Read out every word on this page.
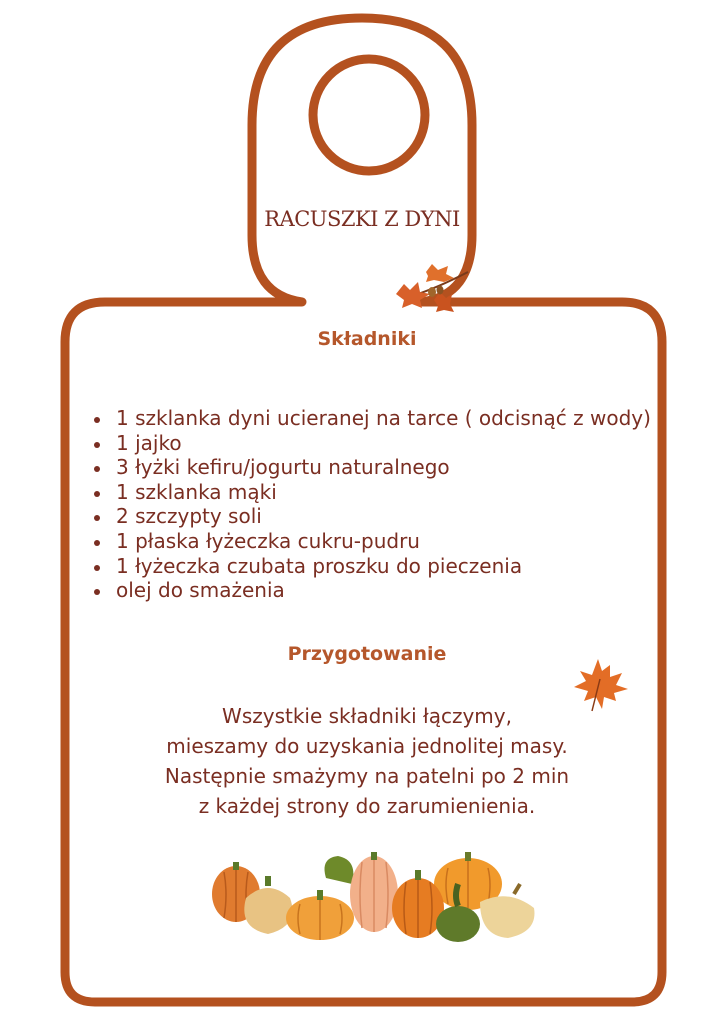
RACUSZKI Z DYNI
Składniki
1 szklanka dyni ucieranej na tarce ( odcisnąć z wody)
1 jajko
3 łyżki kefiru/jogurtu naturalnego
1 szklanka mąki
2 szczypty soli
1 płaska łyżeczka cukru-pudru
1 łyżeczka czubata proszku do pieczenia
olej do smażenia
Przygotowanie

Wszystkie składniki łączymy,
mieszamy do uzyskania jednolitej masy.
Następnie smażymy na patelni po 2 min
z każdej strony do zarumienienia.
